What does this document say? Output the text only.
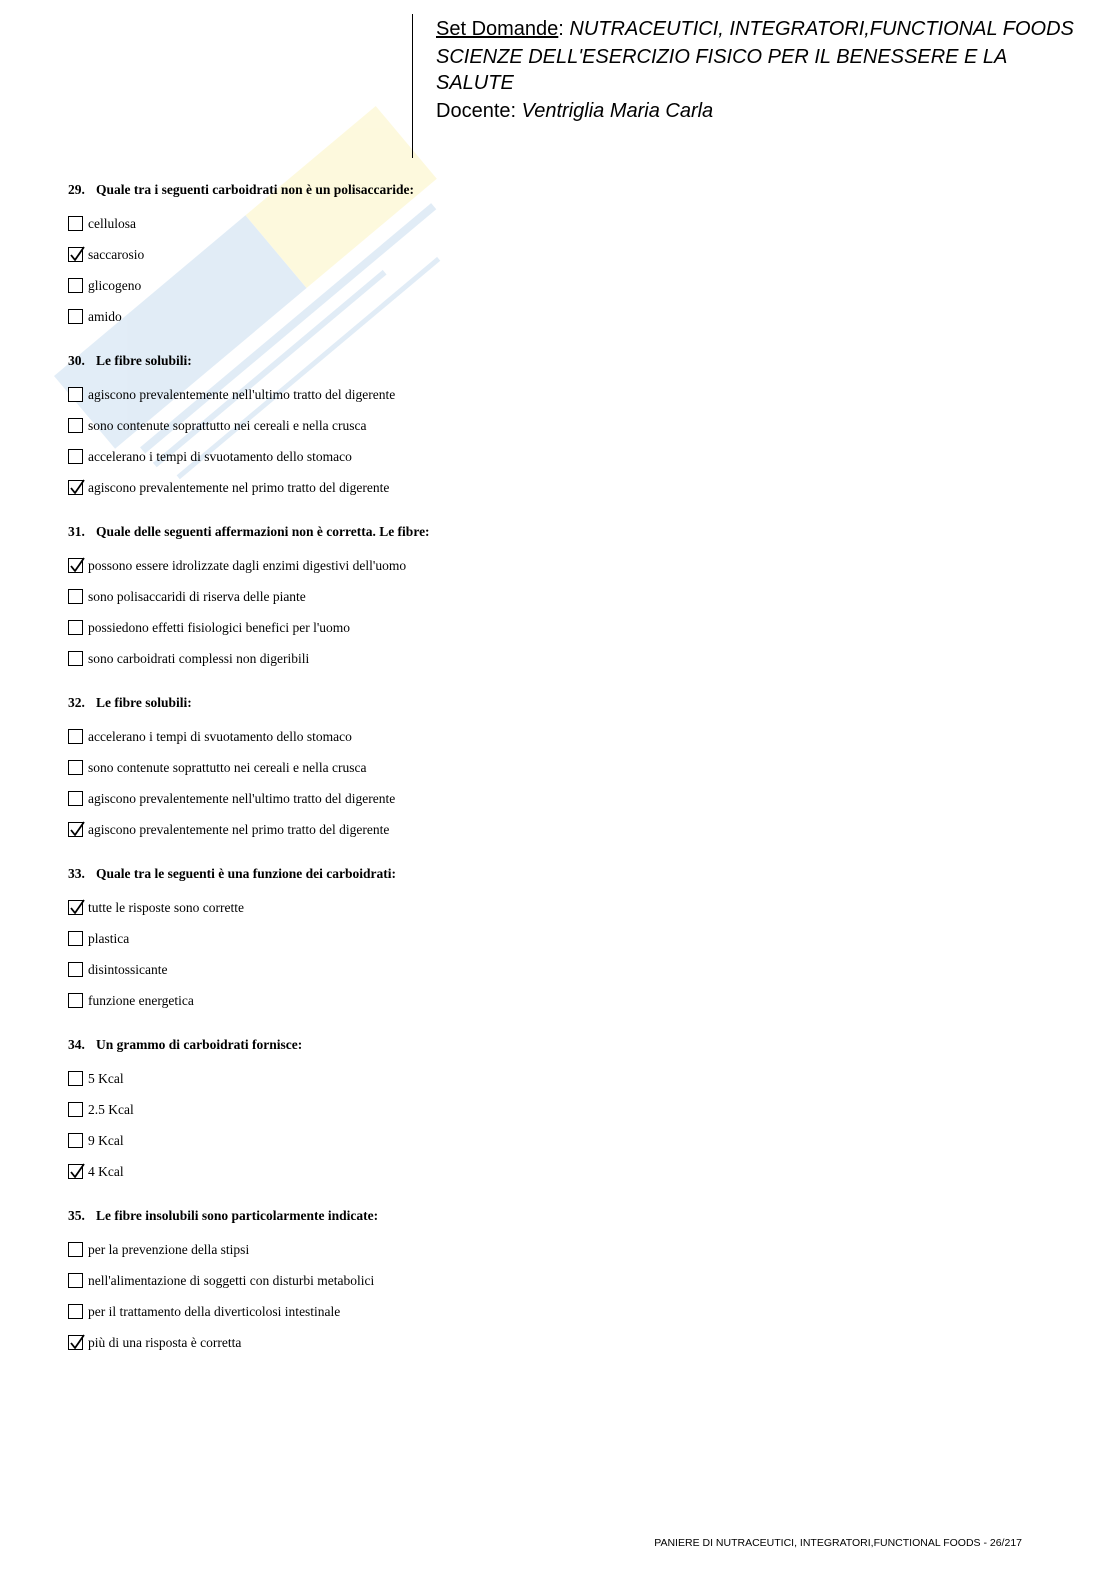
Set Domande: NUTRACEUTICI, INTEGRATORI,FUNCTIONAL FOODS
SCIENZE DELL'ESERCIZIO FISICO PER IL BENESSERE E LA
SALUTE
Docente: Ventriglia Maria Carla
29. Quale tra i seguenti carboidrati non è un polisaccaride:
cellulosa
saccarosio
glicogeno
amido
30. Le fibre solubili:
agiscono prevalentemente nell'ultimo tratto del digerente
sono contenute soprattutto nei cereali e nella crusca
accelerano i tempi di svuotamento dello stomaco
agiscono prevalentemente nel primo tratto del digerente
31. Quale delle seguenti affermazioni non è corretta. Le fibre:
possono essere idrolizzate dagli enzimi digestivi dell'uomo
sono polisaccaridi di riserva delle piante
possiedono effetti fisiologici benefici per l'uomo
sono carboidrati complessi non digeribili
32. Le fibre solubili:
accelerano i tempi di svuotamento dello stomaco
sono contenute soprattutto nei cereali e nella crusca
agiscono prevalentemente nell'ultimo tratto del digerente
agiscono prevalentemente nel primo tratto del digerente
33. Quale tra le seguenti è una funzione dei carboidrati:
tutte le risposte sono corrette
plastica
disintossicante
funzione energetica
34. Un grammo di carboidrati fornisce:
5 Kcal
2.5 Kcal
9 Kcal
4 Kcal
35. Le fibre insolubili sono particolarmente indicate:
per la prevenzione della stipsi
nell'alimentazione di soggetti con disturbi metabolici
per il trattamento della diverticolosi intestinale
più di una risposta è corretta
PANIERE DI NUTRACEUTICI, INTEGRATORI,FUNCTIONAL FOODS - 26/217
